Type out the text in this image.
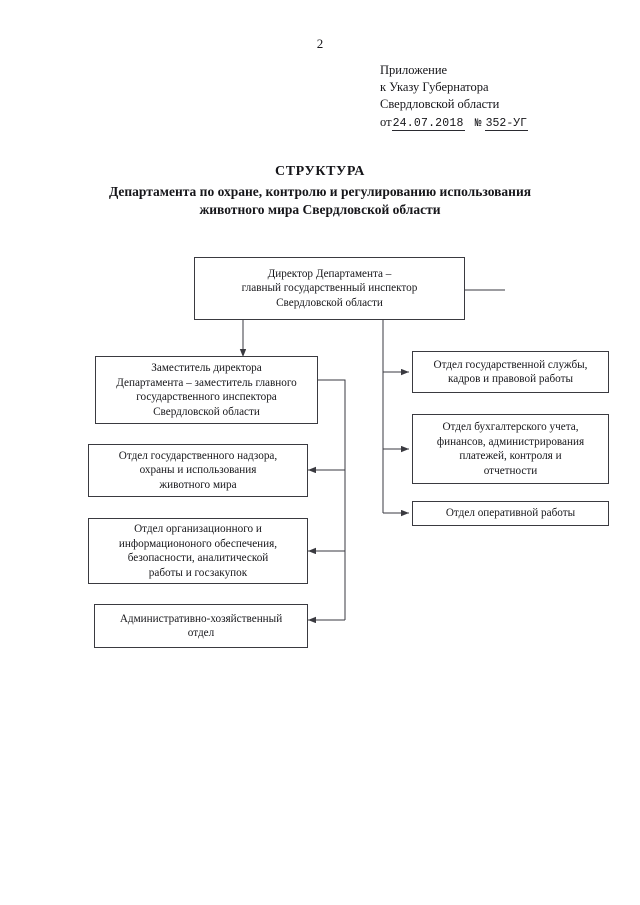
2
Приложение
к Указу Губернатора
Свердловской области
от24.07.2018 № 352-УГ
СТРУКТУРА
Департамента по охране, контролю и регулированию использования
животного мира Свердловской области
Директор Департамента –
главный государственный инспектор
Свердловской области
Заместитель директора
Департамента – заместитель главного
государственного инспектора
Свердловской области
Отдел государственного надзора,
охраны и использования
животного мира
Отдел организационного и
информациононого обеспечения,
безопасности, аналитической
работы и госзакупок
Административно-хозяйственный
отдел
Отдел государственной службы,
кадров и правовой работы
Отдел бухгалтерского учета,
финансов, администрирования
платежей, контроля и
отчетности
Отдел оперативной работы
